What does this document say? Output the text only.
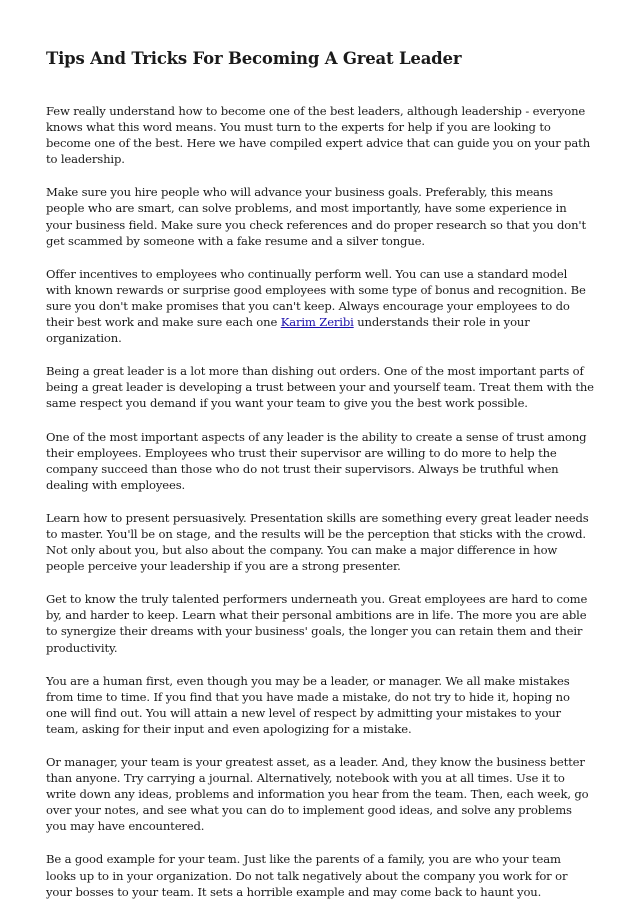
Tips And Tricks For Becoming A Great Leader

Few really understand how to become one of the best leaders, although leadership - everyone knows what this word means. You must turn to the experts for help if you are looking to become one of the best. Here we have compiled expert advice that can guide you on your path to leadership.

Make sure you hire people who will advance your business goals. Preferably, this means people who are smart, can solve problems, and most importantly, have some experience in your business field. Make sure you check references and do proper research so that you don't get scammed by someone with a fake resume and a silver tongue.

Offer incentives to employees who continually perform well. You can use a standard model with known rewards or surprise good employees with some type of bonus and recognition. Be sure you don't make promises that you can't keep. Always encourage your employees to do their best work and make sure each one Karim Zeribi understands their role in your organization.

Being a great leader is a lot more than dishing out orders. One of the most important parts of being a great leader is developing a trust between your and yourself team. Treat them with the same respect you demand if you want your team to give you the best work possible.

One of the most important aspects of any leader is the ability to create a sense of trust among their employees. Employees who trust their supervisor are willing to do more to help the company succeed than those who do not trust their supervisors. Always be truthful when dealing with employees.

Learn how to present persuasively. Presentation skills are something every great leader needs to master. You'll be on stage, and the results will be the perception that sticks with the crowd. Not only about you, but also about the company. You can make a major difference in how people perceive your leadership if you are a strong presenter.

Get to know the truly talented performers underneath you. Great employees are hard to come by, and harder to keep. Learn what their personal ambitions are in life. The more you are able to synergize their dreams with your business' goals, the longer you can retain them and their productivity.

You are a human first, even though you may be a leader, or manager. We all make mistakes from time to time. If you find that you have made a mistake, do not try to hide it, hoping no one will find out. You will attain a new level of respect by admitting your mistakes to your team, asking for their input and even apologizing for a mistake.

Or manager, your team is your greatest asset, as a leader. And, they know the business better than anyone. Try carrying a journal. Alternatively, notebook with you at all times. Use it to write down any ideas, problems and information you hear from the team. Then, each week, go over your notes, and see what you can do to implement good ideas, and solve any problems you may have encountered.

Be a good example for your team. Just like the parents of a family, you are who your team looks up to in your organization. Do not talk negatively about the company you work for or your bosses to your team. It sets a horrible example and may come back to haunt you.
